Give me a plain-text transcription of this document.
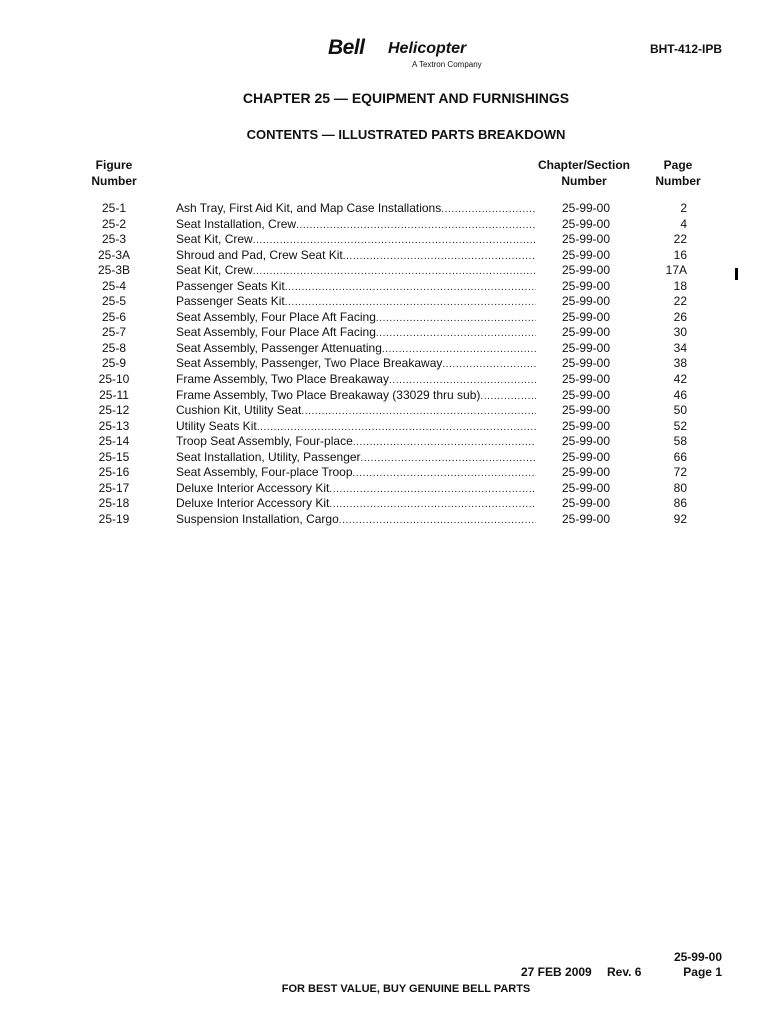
Bell Helicopter
A Textron Company
BHT-412-IPB
CHAPTER 25 — EQUIPMENT AND FURNISHINGS
CONTENTS — ILLUSTRATED PARTS BREAKDOWN
Figure
Number
Chapter/Section
Number
Page
Number
25-1	Ash Tray, First Aid Kit, and Map Case Installations .....	25-99-00	2
25-2	Seat Installation, Crew .....	25-99-00	4
25-3	Seat Kit, Crew .....	25-99-00	22
25-3A	Shroud and Pad, Crew Seat Kit .....	25-99-00	16
25-3B	Seat Kit, Crew .....	25-99-00	17A
25-4	Passenger Seats Kit .....	25-99-00	18
25-5	Passenger Seats Kit .....	25-99-00	22
25-6	Seat Assembly, Four Place Aft Facing .....	25-99-00	26
25-7	Seat Assembly, Four Place Aft Facing .....	25-99-00	30
25-8	Seat Assembly, Passenger Attenuating .....	25-99-00	34
25-9	Seat Assembly, Passenger, Two Place Breakaway .....	25-99-00	38
25-10	Frame Assembly, Two Place Breakaway .....	25-99-00	42
25-11	Frame Assembly, Two Place Breakaway (33029 thru sub) .....	25-99-00	46
25-12	Cushion Kit, Utility Seat .....	25-99-00	50
25-13	Utility Seats Kit .....	25-99-00	52
25-14	Troop Seat Assembly, Four-place .....	25-99-00	58
25-15	Seat Installation, Utility, Passenger .....	25-99-00	66
25-16	Seat Assembly, Four-place Troop .....	25-99-00	72
25-17	Deluxe Interior Accessory Kit .....	25-99-00	80
25-18	Deluxe Interior Accessory Kit .....	25-99-00	86
25-19	Suspension Installation, Cargo .....	25-99-00	92
25-99-00
27 FEB 2009 Rev. 6	Page 1
FOR BEST VALUE, BUY GENUINE BELL PARTS
